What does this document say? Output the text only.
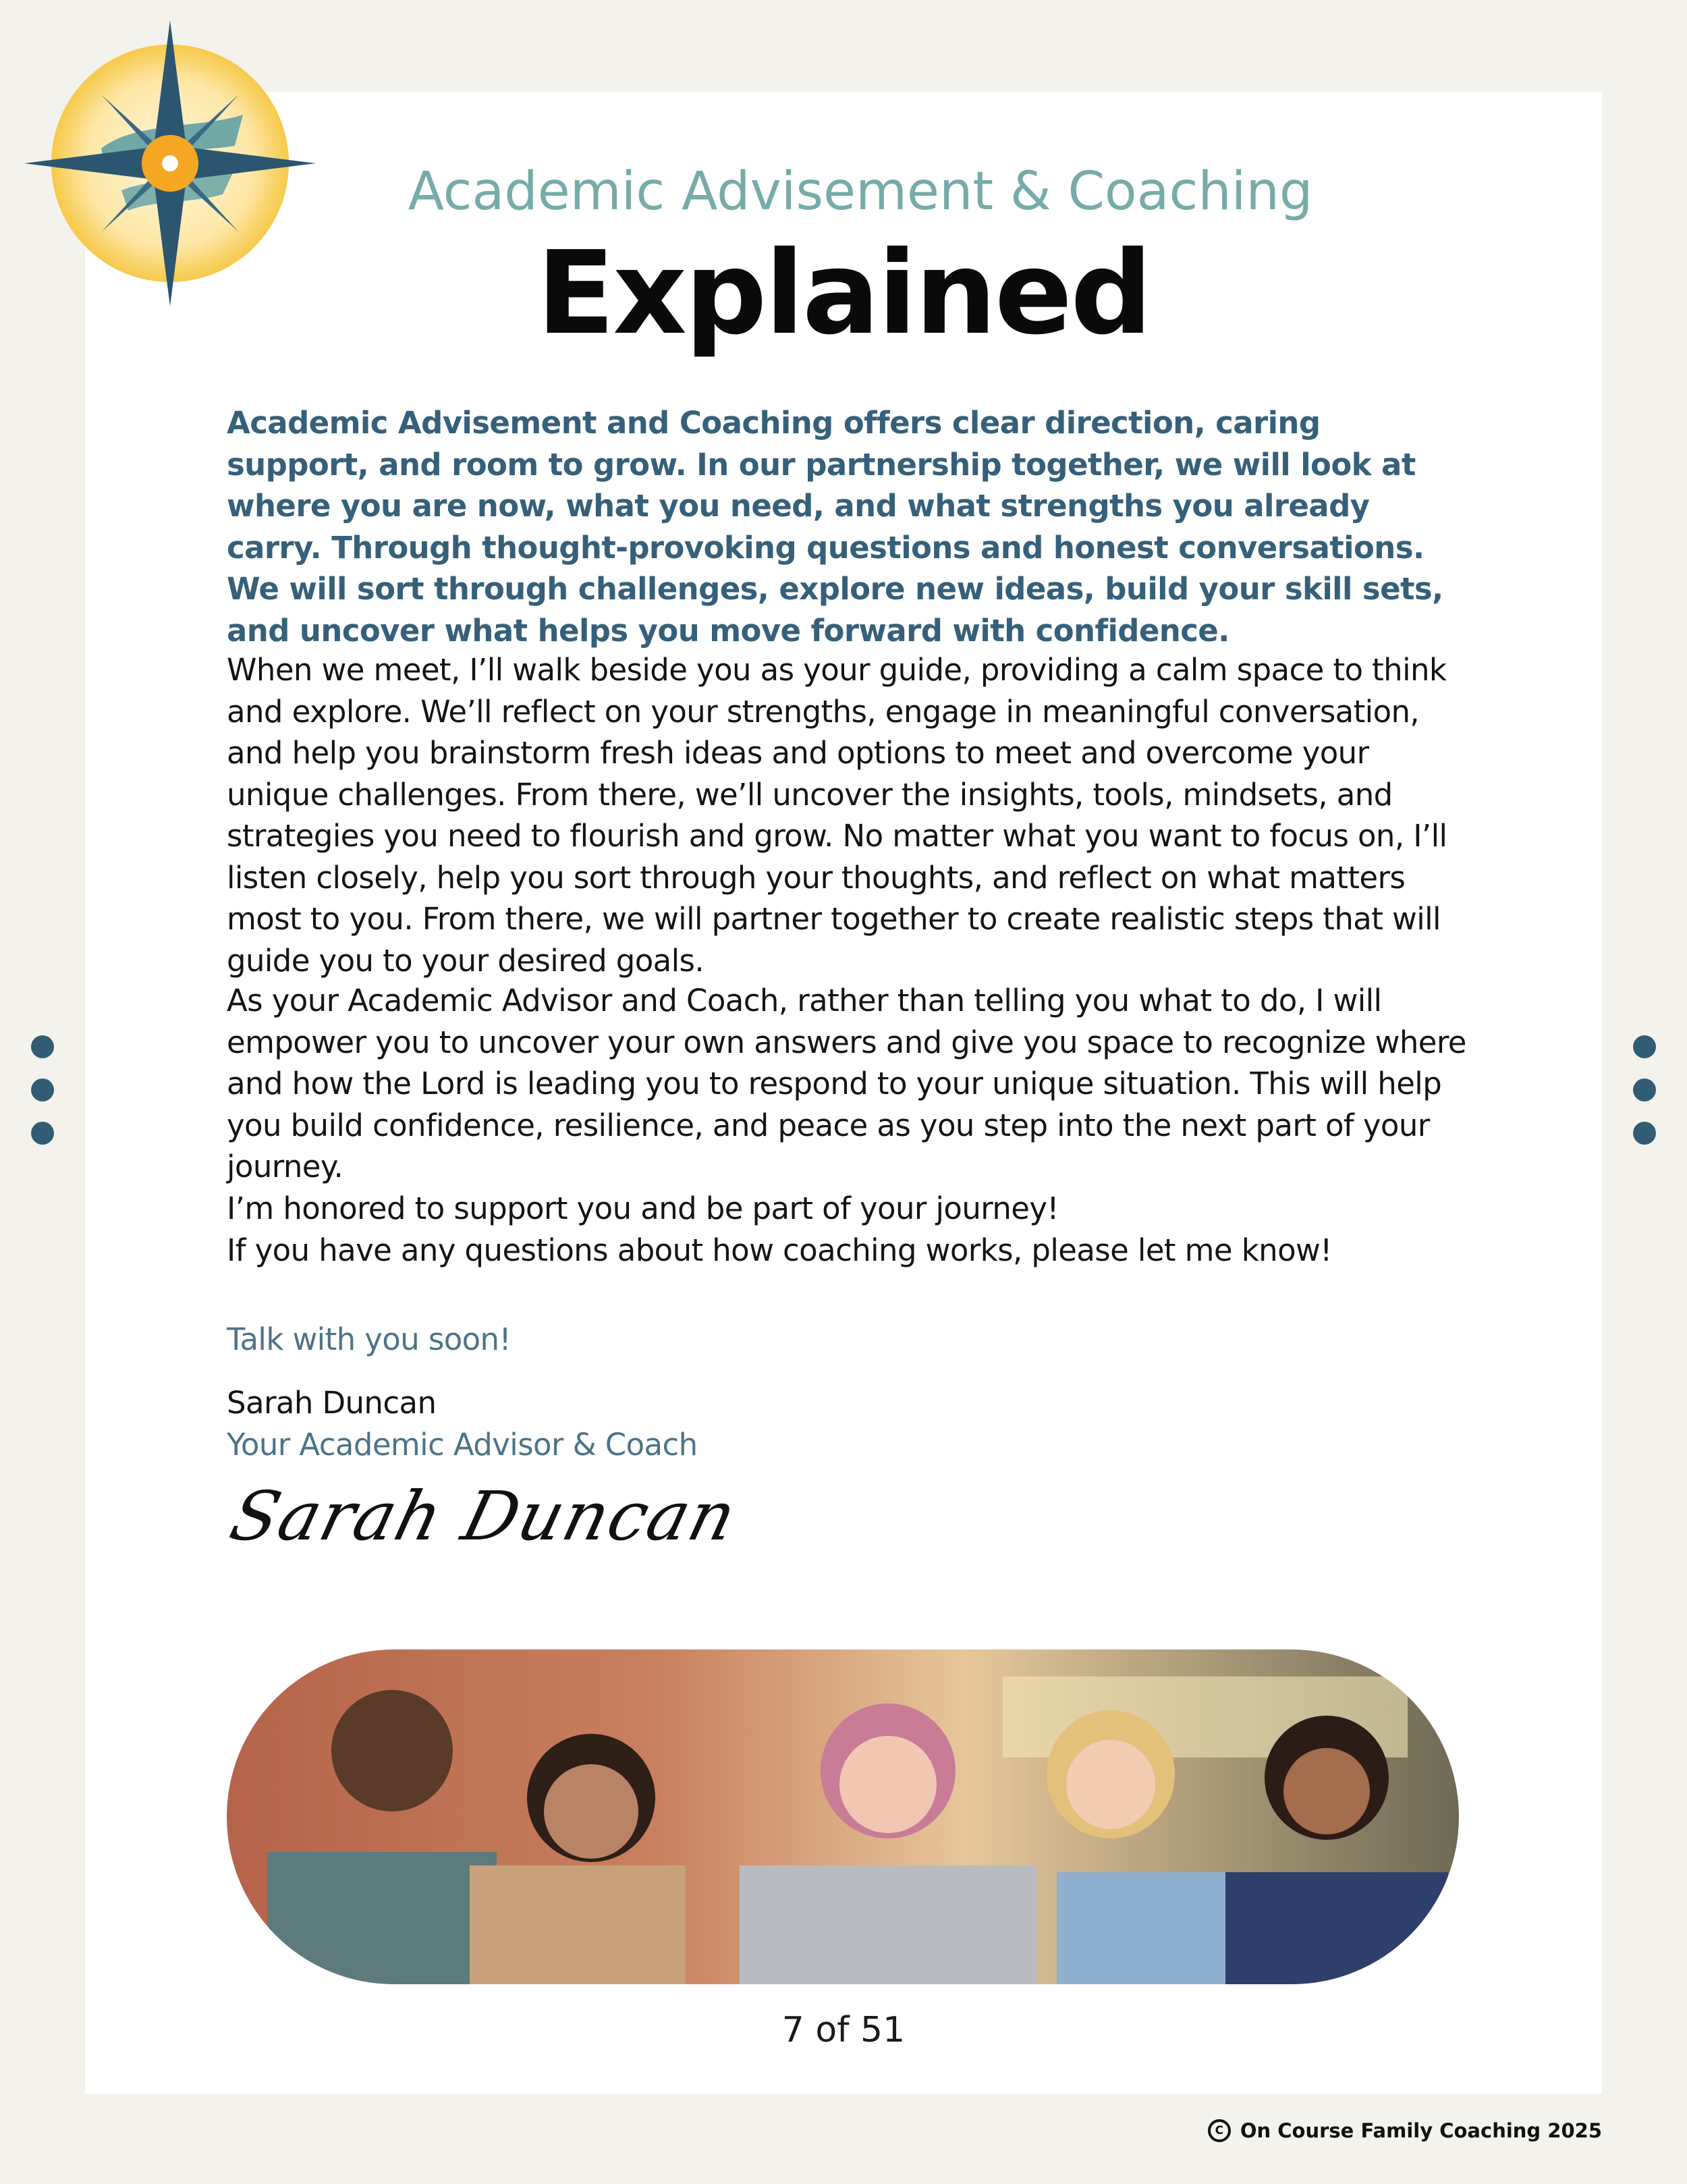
Academic Advisement & Coaching
Explained

Academic Advisement and Coaching offers clear direction, caring support, and room to grow. In our partnership together, we will look at where you are now, what you need, and what strengths you already carry. Through thought-provoking questions and honest conversations. We will sort through challenges, explore new ideas, build your skill sets, and uncover what helps you move forward with confidence.

When we meet, I’ll walk beside you as your guide, providing a calm space to think and explore. We’ll reflect on your strengths, engage in meaningful conversation, and help you brainstorm fresh ideas and options to meet and overcome your unique challenges. From there, we’ll uncover the insights, tools, mindsets, and strategies you need to flourish and grow. No matter what you want to focus on, I’ll listen closely, help you sort through your thoughts, and reflect on what matters most to you. From there, we will partner together to create realistic steps that will guide you to your desired goals.

As your Academic Advisor and Coach, rather than telling you what to do, I will empower you to uncover your own answers and give you space to recognize where and how the Lord is leading you to respond to your unique situation. This will help you build confidence, resilience, and peace as you step into the next part of your journey.

I’m honored to support you and be part of your journey!
If you have any questions about how coaching works, please let me know!
Talk with you soon!
Sarah Duncan
Your Academic Advisor & Coach
Sarah Duncan
7 of 51
C On Course Family Coaching 2025
